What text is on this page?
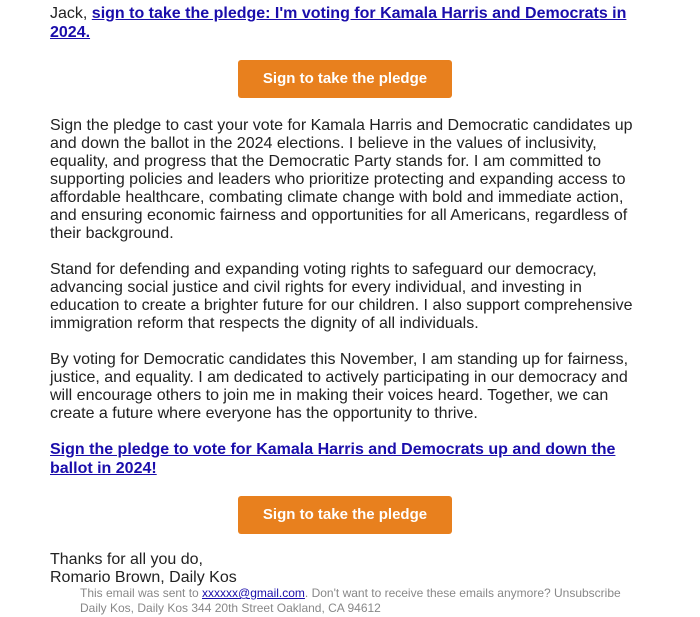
Jack, sign to take the pledge: I'm voting for Kamala Harris and Democrats in 2024.

Sign to take the pledge

Sign the pledge to cast your vote for Kamala Harris and Democratic candidates up and down the ballot in the 2024 elections. I believe in the values of inclusivity, equality, and progress that the Democratic Party stands for. I am committed to supporting policies and leaders who prioritize protecting and expanding access to affordable healthcare, combating climate change with bold and immediate action, and ensuring economic fairness and opportunities for all Americans, regardless of their background.

Stand for defending and expanding voting rights to safeguard our democracy, advancing social justice and civil rights for every individual, and investing in education to create a brighter future for our children. I also support comprehensive immigration reform that respects the dignity of all individuals.

By voting for Democratic candidates this November, I am standing up for fairness, justice, and equality. I am dedicated to actively participating in our democracy and will encourage others to join me in making their voices heard. Together, we can create a future where everyone has the opportunity to thrive.

Sign the pledge to vote for Kamala Harris and Democrats up and down the ballot in 2024!
Sign to take the pledge
Thanks for all you do,
Romario Brown, Daily Kos
This email was sent to xxxxxx@gmail.com. Don't want to receive these emails anymore? Unsubscribe
Daily Kos, Daily Kos 344 20th Street Oakland, CA 94612
